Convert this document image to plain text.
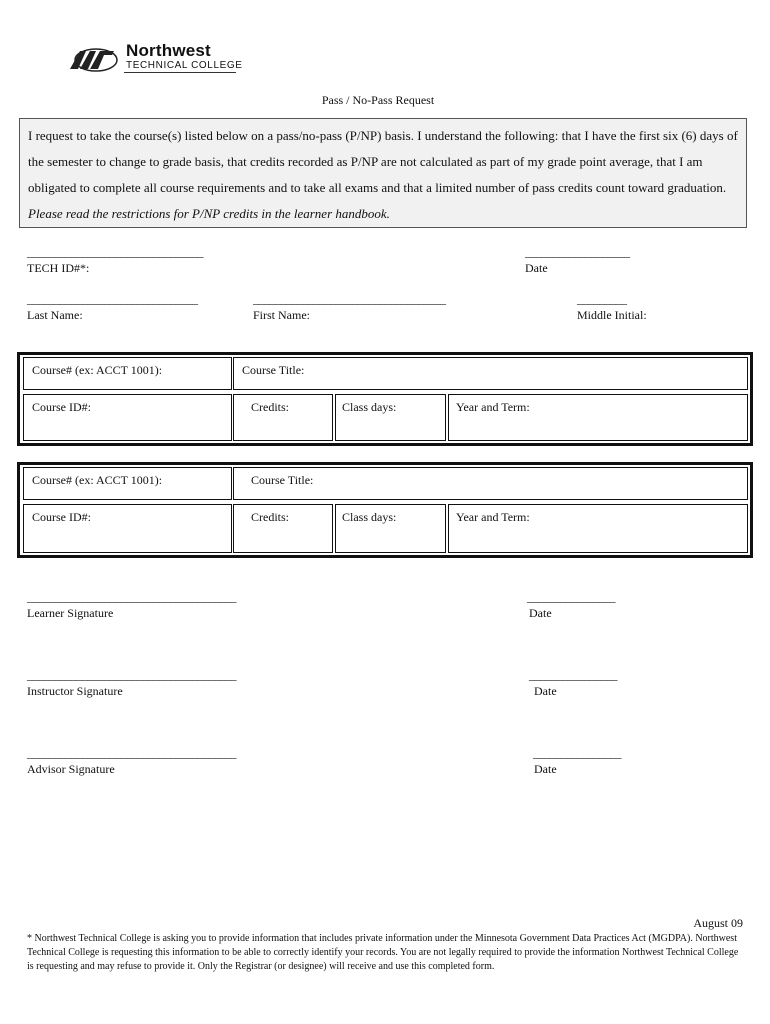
Northwest
TECHNICAL COLLEGE
Pass / No-Pass Request
I request to take the course(s) listed below on a pass/no-pass (P/NP) basis. I understand the following: that I have the first six (6) days of the semester to change to grade basis, that credits recorded as P/NP are not calculated as part of my grade point average, that I am obligated to complete all course requirements and to take all exams and that a limited number of pass credits count toward graduation. Please read the restrictions for P/NP credits in the learner handbook.
________________________________
TECH ID#*:
___________________
Date
_______________________________
Last Name:
___________________________________
First Name:
_________
Middle Initial:
Course# (ex: ACCT 1001):	Course Title:
Course ID#:	Credits:	Class days:	Year and Term:
Course# (ex: ACCT 1001):	Course Title:
Course ID#:	Credits:	Class days:	Year and Term:
______________________________________
Learner Signature
________________
Date
______________________________________
Instructor Signature
________________
Date
______________________________________
Advisor Signature
________________
Date
August 09
* Northwest Technical College is asking you to provide information that includes private information under the Minnesota Government Data Practices Act (MGDPA). Northwest Technical College is requesting this information to be able to correctly identify your records. You are not legally required to provide the information Northwest Technical College is requesting and may refuse to provide it. Only the Registrar (or designee) will receive and use this completed form.
